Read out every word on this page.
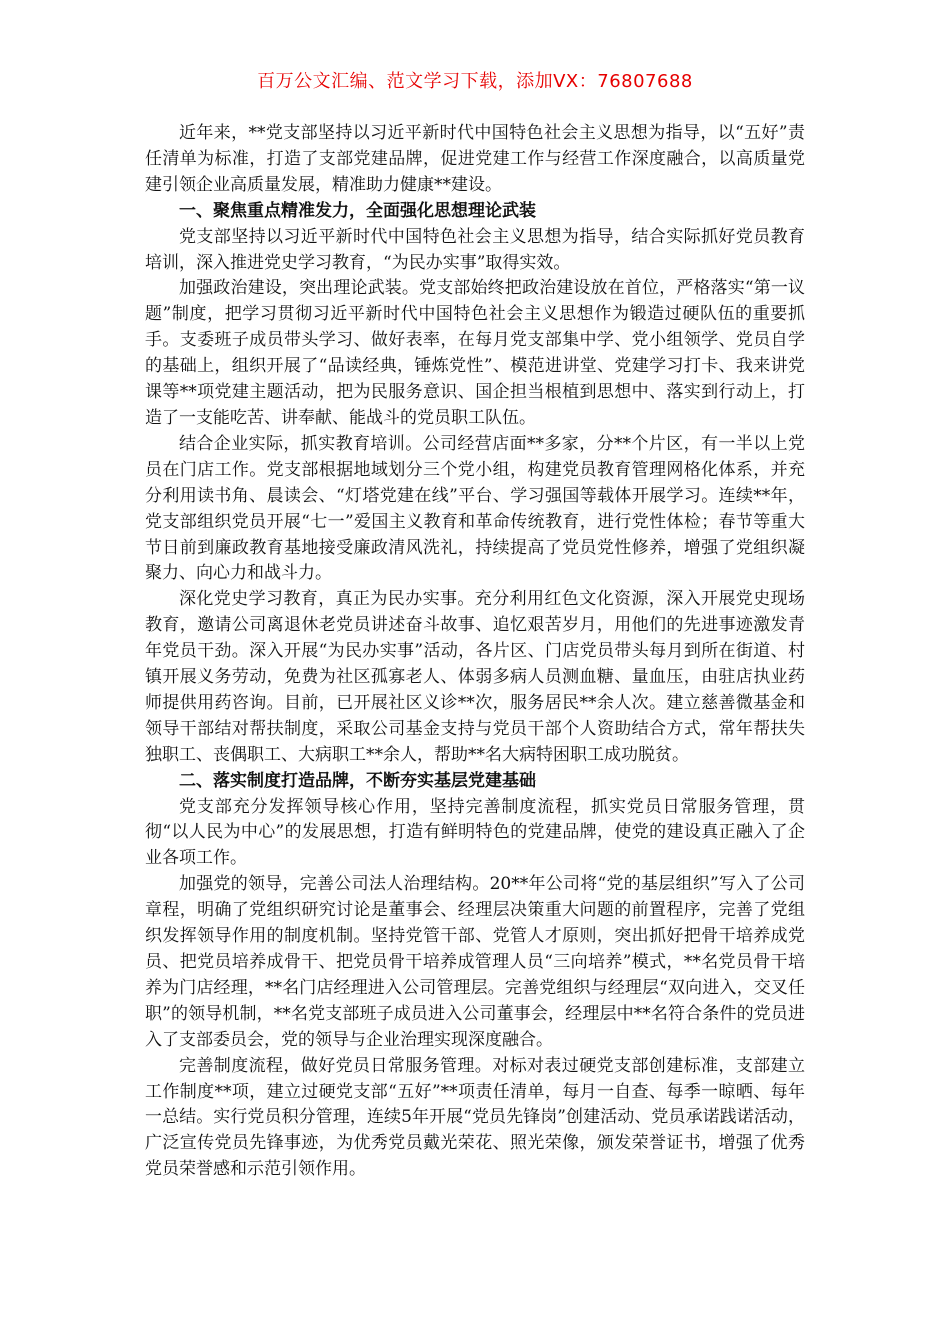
百万公文汇编、范文学习下载，添加VX：76807688

近年来，**党支部坚持以习近平新时代中国特色社会主义思想为指导，以“五好”责任清单为标准，打造了支部党建品牌，促进党建工作与经营工作深度融合，以高质量党建引领企业高质量发展，精准助力健康**建设。

一、聚焦重点精准发力，全面强化思想理论武装

党支部坚持以习近平新时代中国特色社会主义思想为指导，结合实际抓好党员教育培训，深入推进党史学习教育，“为民办实事”取得实效。

加强政治建设，突出理论武装。党支部始终把政治建设放在首位，严格落实“第一议题”制度，把学习贯彻习近平新时代中国特色社会主义思想作为锻造过硬队伍的重要抓手。支委班子成员带头学习、做好表率，在每月党支部集中学、党小组领学、党员自学的基础上，组织开展了“品读经典，锤炼党性”、模范进讲堂、党建学习打卡、我来讲党课等**项党建主题活动，把为民服务意识、国企担当根植到思想中、落实到行动上，打造了一支能吃苦、讲奉献、能战斗的党员职工队伍。

结合企业实际，抓实教育培训。公司经营店面**多家，分**个片区，有一半以上党员在门店工作。党支部根据地域划分三个党小组，构建党员教育管理网格化体系，并充分利用读书角、晨读会、“灯塔党建在线”平台、学习强国等载体开展学习。连续**年，党支部组织党员开展“七一”爱国主义教育和革命传统教育，进行党性体检；春节等重大节日前到廉政教育基地接受廉政清风洗礼，持续提高了党员党性修养，增强了党组织凝聚力、向心力和战斗力。

深化党史学习教育，真正为民办实事。充分利用红色文化资源，深入开展党史现场教育，邀请公司离退休老党员讲述奋斗故事、追忆艰苦岁月，用他们的先进事迹激发青年党员干劲。深入开展“为民办实事”活动，各片区、门店党员带头每月到所在街道、村镇开展义务劳动，免费为社区孤寡老人、体弱多病人员测血糖、量血压，由驻店执业药师提供用药咨询。目前，已开展社区义诊**次，服务居民**余人次。建立慈善微基金和领导干部结对帮扶制度，采取公司基金支持与党员干部个人资助结合方式，常年帮扶失独职工、丧偶职工、大病职工**余人，帮助**名大病特困职工成功脱贫。

二、落实制度打造品牌，不断夯实基层党建基础

党支部充分发挥领导核心作用，坚持完善制度流程，抓实党员日常服务管理，贯彻“以人民为中心”的发展思想，打造有鲜明特色的党建品牌，使党的建设真正融入了企业各项工作。

加强党的领导，完善公司法人治理结构。20**年公司将“党的基层组织”写入了公司章程，明确了党组织研究讨论是董事会、经理层决策重大问题的前置程序，完善了党组织发挥领导作用的制度机制。坚持党管干部、党管人才原则，突出抓好把骨干培养成党员、把党员培养成骨干、把党员骨干培养成管理人员“三向培养”模式，**名党员骨干培养为门店经理，**名门店经理进入公司管理层。完善党组织与经理层“双向进入，交叉任职”的领导机制，**名党支部班子成员进入公司董事会，经理层中**名符合条件的党员进入了支部委员会，党的领导与企业治理实现深度融合。

完善制度流程，做好党员日常服务管理。对标对表过硬党支部创建标准，支部建立工作制度**项，建立过硬党支部“五好”**项责任清单，每月一自查、每季一晾晒、每年一总结。实行党员积分管理，连续5年开展“党员先锋岗”创建活动、党员承诺践诺活动，广泛宣传党员先锋事迹，为优秀党员戴光荣花、照光荣像，颁发荣誉证书，增强了优秀党员荣誉感和示范引领作用。
